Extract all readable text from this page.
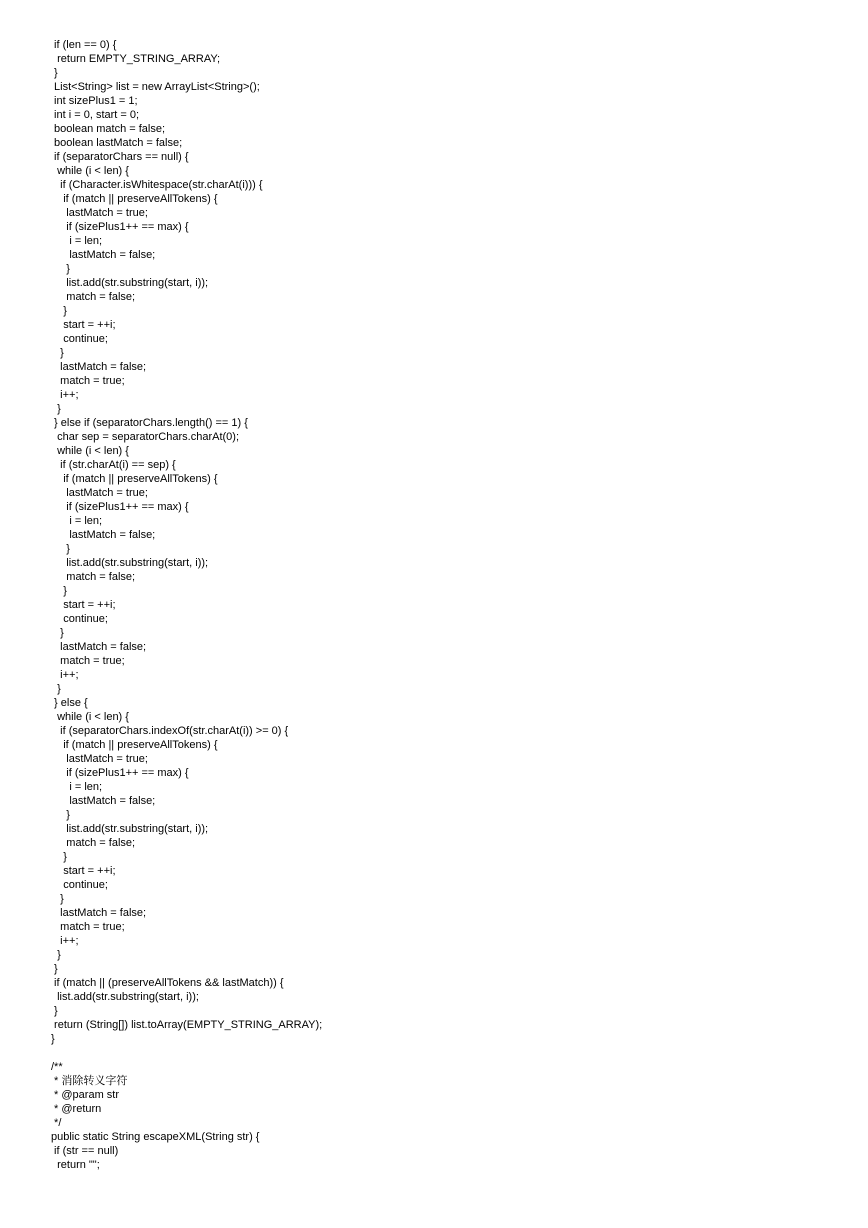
if (len == 0) {
return EMPTY_STRING_ARRAY;
}
List<String> list = new ArrayList<String>();
int sizePlus1 = 1;
int i = 0, start = 0;
boolean match = false;
boolean lastMatch = false;
if (separatorChars == null) {
while (i < len) {
if (Character.isWhitespace(str.charAt(i))) {
if (match || preserveAllTokens) {
lastMatch = true;
if (sizePlus1++ == max) {
i = len;
lastMatch = false;
}
list.add(str.substring(start, i));
match = false;
}
start = ++i;
continue;
}
lastMatch = false;
match = true;
i++;
}
} else if (separatorChars.length() == 1) {
char sep = separatorChars.charAt(0);
while (i < len) {
if (str.charAt(i) == sep) {
if (match || preserveAllTokens) {
lastMatch = true;
if (sizePlus1++ == max) {
i = len;
lastMatch = false;
}
list.add(str.substring(start, i));
match = false;
}
start = ++i;
continue;
}
lastMatch = false;
match = true;
i++;
}
} else {
while (i < len) {
if (separatorChars.indexOf(str.charAt(i)) >= 0) {
if (match || preserveAllTokens) {
lastMatch = true;
if (sizePlus1++ == max) {
i = len;
lastMatch = false;
}
list.add(str.substring(start, i));
match = false;
}
start = ++i;
continue;
}
lastMatch = false;
match = true;
i++;
}
}
if (match || (preserveAllTokens && lastMatch)) {
list.add(str.substring(start, i));
}
return (String[]) list.toArray(EMPTY_STRING_ARRAY);
}
/**
* 消除转义字符
* @param str
* @return
*/
public static String escapeXML(String str) {
if (str == null)
return "";
